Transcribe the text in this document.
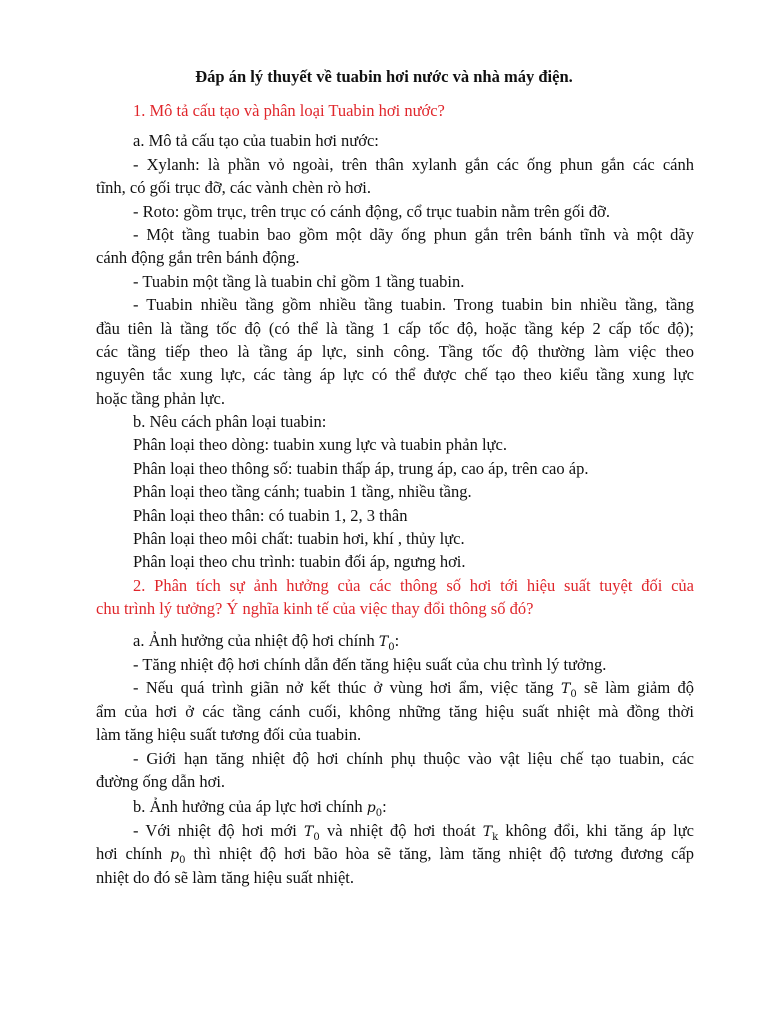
Đáp án lý thuyết về tuabin hơi nước và nhà máy điện.
1. Mô tả cấu tạo và phân loại Tuabin hơi nước?
a. Mô tả cấu tạo của tuabin hơi nước:
- Xylanh: là phần vỏ ngoài, trên thân xylanh gắn các ống phun gắn các cánh
tĩnh, có gối trục đỡ, các vành chèn rò hơi.
- Roto: gồm trục, trên trục có cánh động, cổ trục tuabin nằm trên gối đỡ.
- Một tầng tuabin bao gồm một dãy ống phun gắn trên bánh tĩnh và một dãy
cánh động gắn trên bánh động.
- Tuabin một tầng là tuabin chỉ gồm 1 tầng tuabin.
- Tuabin nhiều tầng gồm nhiều tầng tuabin. Trong tuabin bin nhiều tầng, tầng
đầu tiên là tầng tốc độ (có thể là tầng 1 cấp tốc độ, hoặc tầng kép 2 cấp tốc độ);
các tầng tiếp theo là tầng áp lực, sinh công. Tầng tốc độ thường làm việc theo
nguyên tắc xung lực, các tàng áp lực có thể được chế tạo theo kiểu tầng xung lực
hoặc tầng phản lực.
b. Nêu cách phân loại tuabin:
Phân loại theo dòng: tuabin xung lực và tuabin phản lực.
Phân loại theo thông số: tuabin thấp áp, trung áp, cao áp, trên cao áp.
Phân loại theo tầng cánh; tuabin 1 tầng, nhiều tầng.
Phân loại theo thân: có tuabin 1, 2, 3 thân
Phân loại theo môi chất: tuabin hơi, khí , thủy lực.
Phân loại theo chu trình: tuabin đối áp, ngưng hơi.
2. Phân tích sự ảnh hưởng của các thông số hơi tới hiệu suất tuyệt đối của
chu trình lý tưởng? Ý nghĩa kinh tế của việc thay đổi thông số đó?
a. Ảnh hưởng của nhiệt độ hơi chính $T_0$:
- Tăng nhiệt độ hơi chính dẫn đến tăng hiệu suất của chu trình lý tưởng.
- Nếu quá trình giãn nở kết thúc ở vùng hơi ẩm, việc tăng $T_0$ sẽ làm giảm độ
ẩm của hơi ở các tầng cánh cuối, không những tăng hiệu suất nhiệt mà đồng thời
làm tăng hiệu suất tương đối của tuabin.
- Giới hạn tăng nhiệt độ hơi chính phụ thuộc vào vật liệu chế tạo tuabin, các
đường ống dẫn hơi.
b. Ảnh hưởng của áp lực hơi chính $p_0$:
- Với nhiệt độ hơi mới $T_0$ và nhiệt độ hơi thoát $T_k$ không đổi, khi tăng áp lực
hơi chính $p_0$ thì nhiệt độ hơi bão hòa sẽ tăng, làm tăng nhiệt độ tương đương cấp
nhiệt do đó sẽ làm tăng hiệu suất nhiệt.
